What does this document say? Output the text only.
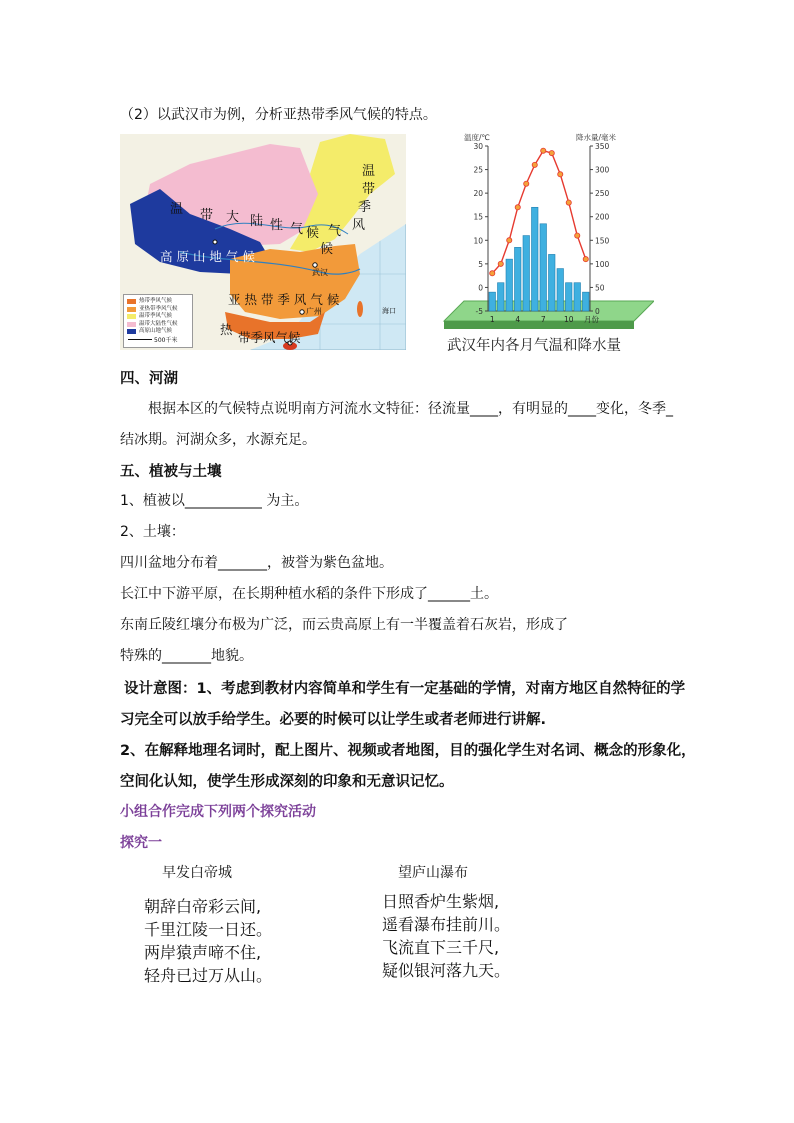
（2）以武汉市为例，分析亚热带季风气候的特点。
温 带 大 陆 性 气 候
温
带
季
风
气
候
高 原 山 地 气 候
亚 热 带 季 风 气 候
热
带季风气候
武汉
广州	海口
热带季风气候
亚热带季风气候
温带季风气候
温带大陆性气候
高原山地气候
500千米
-5
0
5
10
15
20
25
30
0
50
100
150
200
250
300
350
温度/℃	降水量/毫米
1	4	7 10 月份
武汉年内各月气温和降水量
四、河湖
根据本区的气候特点说明南方河流水文特征：径流量____，有明显的____变化，冬季_
结冰期。河湖众多，水源充足。
五、植被与土壤
1、植被以___________ 为主。
2、土壤：
四川盆地分布着_______，被誉为紫色盆地。
长江中下游平原，在长期种植水稻的条件下形成了______土。
东南丘陵红壤分布极为广泛，而云贵高原上有一半覆盖着石灰岩，形成了
特殊的_______地貌。
设计意图：1、考虑到教材内容简单和学生有一定基础的学情，对南方地区自然特征的学
习完全可以放手给学生。必要的时候可以让学生或者老师进行讲解.
2、在解释地理名词时，配上图片、视频或者地图，目的强化学生对名词、概念的形象化，
空间化认知，使学生形成深刻的印象和无意识记忆。
小组合作完成下列两个探究活动
探究一
早发白帝城
朝辞白帝彩云间,
千里江陵一日还。
两岸猿声啼不住,
轻舟已过万从山。
望庐山瀑布
日照香炉生紫烟,
遥看瀑布挂前川。
飞流直下三千尺,
疑似银河落九天。
